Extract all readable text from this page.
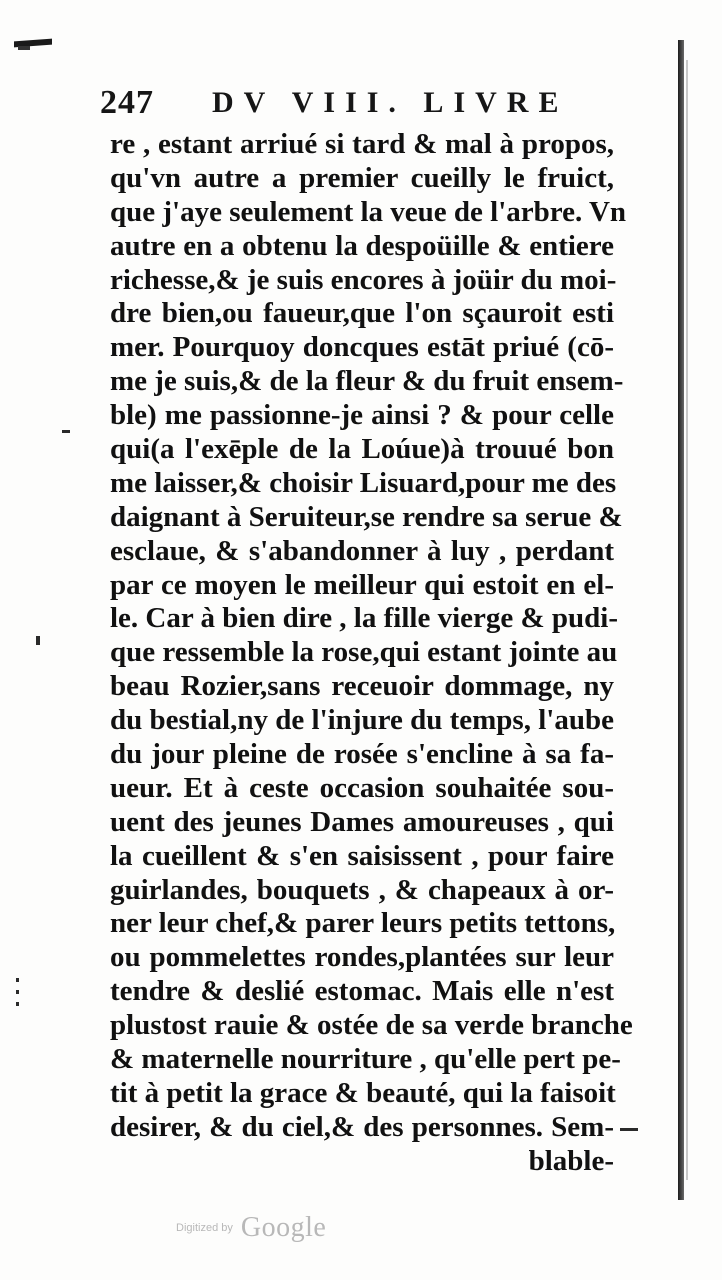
247 DV VIII. LIVRE
re , estant arriué si tard & mal à propos,
qu'vn autre a premier cueilly le fruict,
que j'aye seulement la veue de l'arbre. Vn
autre en a obtenu la despoüille & entiere
richesse,& je suis encores à joüir du moi-
dre bien,ou faueur,que l'on sçauroit esti
mer. Pourquoy doncques estāt priué (cō-
me je suis,& de la fleur & du fruit ensem-
ble) me passionne-je ainsi ? & pour celle
qui(a l'exēple de la Loúue)à trouué bon
me laisser,& choisir Lisuard,pour me des
daignant à Seruiteur,se rendre sa serue &
esclaue, & s'abandonner à luy , perdant
par ce moyen le meilleur qui estoit en el-
le. Car à bien dire , la fille vierge & pudi-
que ressemble la rose,qui estant jointe au
beau Rozier,sans receuoir dommage, ny
du bestial,ny de l'injure du temps, l'aube
du jour pleine de rosée s'encline à sa fa-
ueur. Et à ceste occasion souhaitée sou-
uent des jeunes Dames amoureuses , qui
la cueillent & s'en saisissent , pour faire
guirlandes, bouquets , & chapeaux à or-
ner leur chef,& parer leurs petits tettons,
ou pommelettes rondes,plantées sur leur
tendre & deslié estomac. Mais elle n'est
plustost rauie & ostée de sa verde branche
& maternelle nourriture , qu'elle pert pe-
tit à petit la grace & beauté, qui la faisoit
desirer, & du ciel,& des personnes. Sem-
blable-
$^{Digitized by}$ Google
